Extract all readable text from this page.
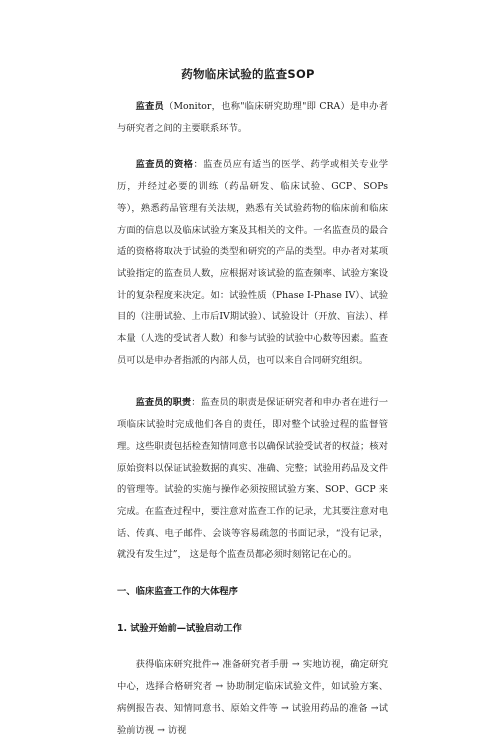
药物临床试验的监查SOP

监查员（Monitor，也称"临床研究助理"即 CRA）是申办者与研究者之间的主要联系环节。

监查员的资格：监查员应有适当的医学、药学或相关专业学历，并经过必要的训练（药品研发、临床试验、GCP、SOPs 等），熟悉药品管理有关法规，熟悉有关试验药物的临床前和临床方面的信息以及临床试验方案及其相关的文件。一名监查员的最合适的资格将取决于试验的类型和研究的产品的类型。申办者对某项试验指定的监查员人数，应根据对该试验的监查频率、试验方案设计的复杂程度来决定。如：试验性质（Phase I-Phase IV）、试验目的（注册试验、上市后IV期试验）、试验设计（开放、盲法）、样本量（人选的受试者人数）和参与试验的试验中心数等因素。监查员可以是申办者指派的内部人员，也可以来自合同研究组织。

监查员的职责：监查员的职责是保证研究者和申办者在进行一项临床试验时完成他们各自的责任，即对整个试验过程的监督管理。这些职责包括检查知情同意书以确保试验受试者的权益；核对原始资料以保证试验数据的真实、准确、完整；试验用药品及文件的管理等。试验的实施与操作必须按照试验方案、SOP、GCP 来完成。在监查过程中，要注意对监查工作的记录，尤其要注意对电话、传真、电子邮件、会谈等容易疏忽的书面记录，“没有记录，就没有发生过”， 这是每个监查员都必须时刻铭记在心的。

一、临床监查工作的大体程序

1. 试验开始前—试验启动工作

获得临床研究批件→ 准备研究者手册 → 实地访视，确定研究中心，选择合格研究者 → 协助制定临床试验文件，如试验方案、病例报告表、知情同意书、原始文件等 → 试验用药品的准备 →试验前访视 → 访视
